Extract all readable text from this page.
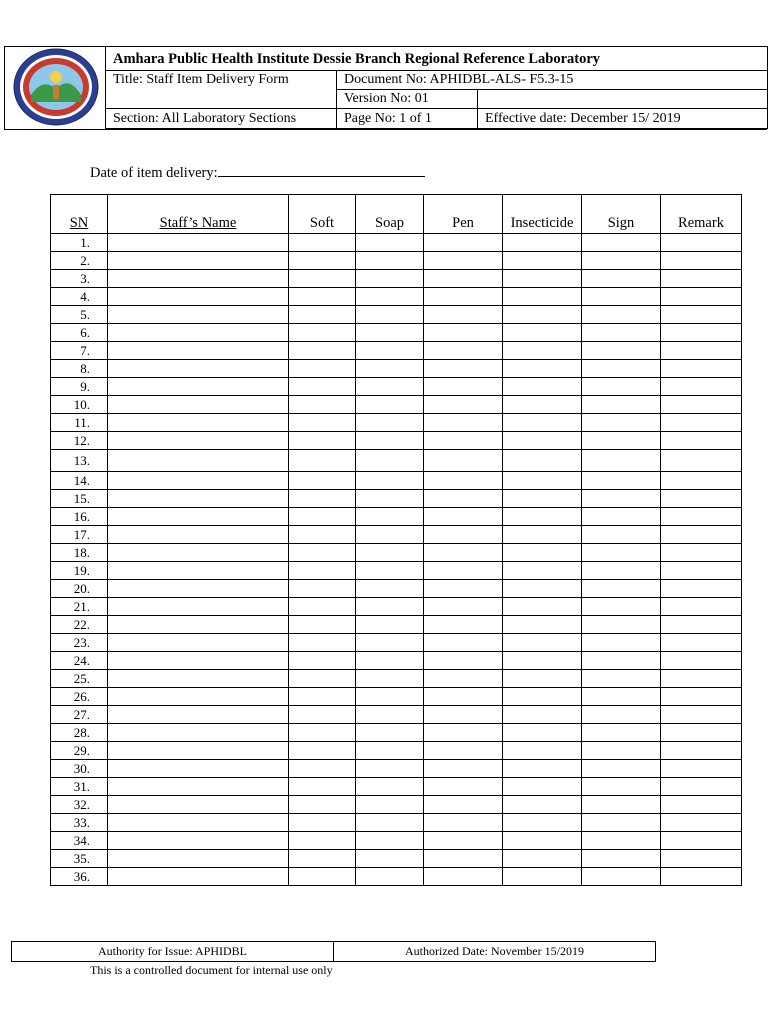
Amhara Public Health Institute Dessie Branch Regional Reference Laboratory		
Title: Staff Item Delivery Form	Document No: APHIDBL-ALS- F5.3-15	
	Version No: 01	
Section: All Laboratory Sections	Page No: 1 of 1	Effective date: December 15/ 2019
Date of item delivery:
SN	Staff’s Name	Soft	Soap	Pen	Insecticide	Sign	Remark
1.							
2.							
3.							
4.							
5.							
6.							
7.							
8.							
9.							
10.							
11.							
12.							
13.							
14.							
15.							
16.							
17.							
18.							
19.							
20.							
21.							
22.							
23.							
24.							
25.							
26.							
27.							
28.							
29.							
30.							
31.							
32.							
33.							
34.							
35.							
36.							
Authority for Issue: APHIDBL	Authorized Date: November 15/2019
This is a controlled document for internal use only
